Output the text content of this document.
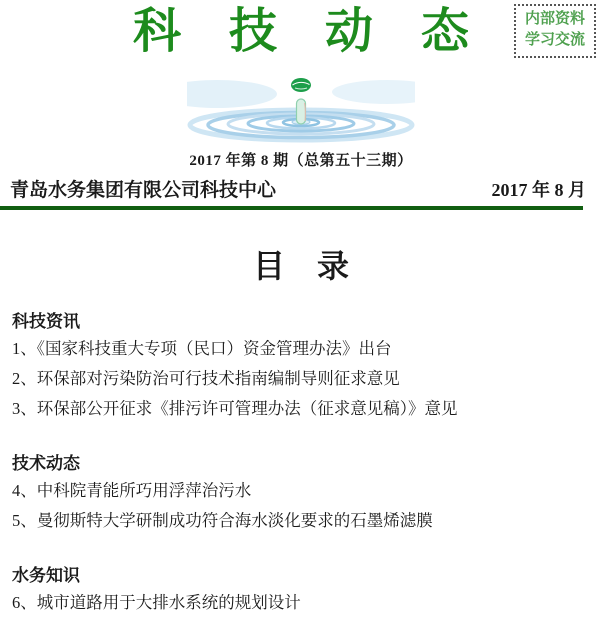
内部资料
学习交流
科　技　动　态
2017 年第 8 期（总第五十三期）
青岛水务集团有限公司科技中心	2017 年 8 月
目　录
科技资讯
1、《国家科技重大专项（民口）资金管理办法》出台
2、环保部对污染防治可行技术指南编制导则征求意见
3、环保部公开征求《排污许可管理办法（征求意见稿）》意见
技术动态
4、中科院青能所巧用浮萍治污水
5、曼彻斯特大学研制成功符合海水淡化要求的石墨烯滤膜
水务知识
6、城市道路用于大排水系统的规划设计
